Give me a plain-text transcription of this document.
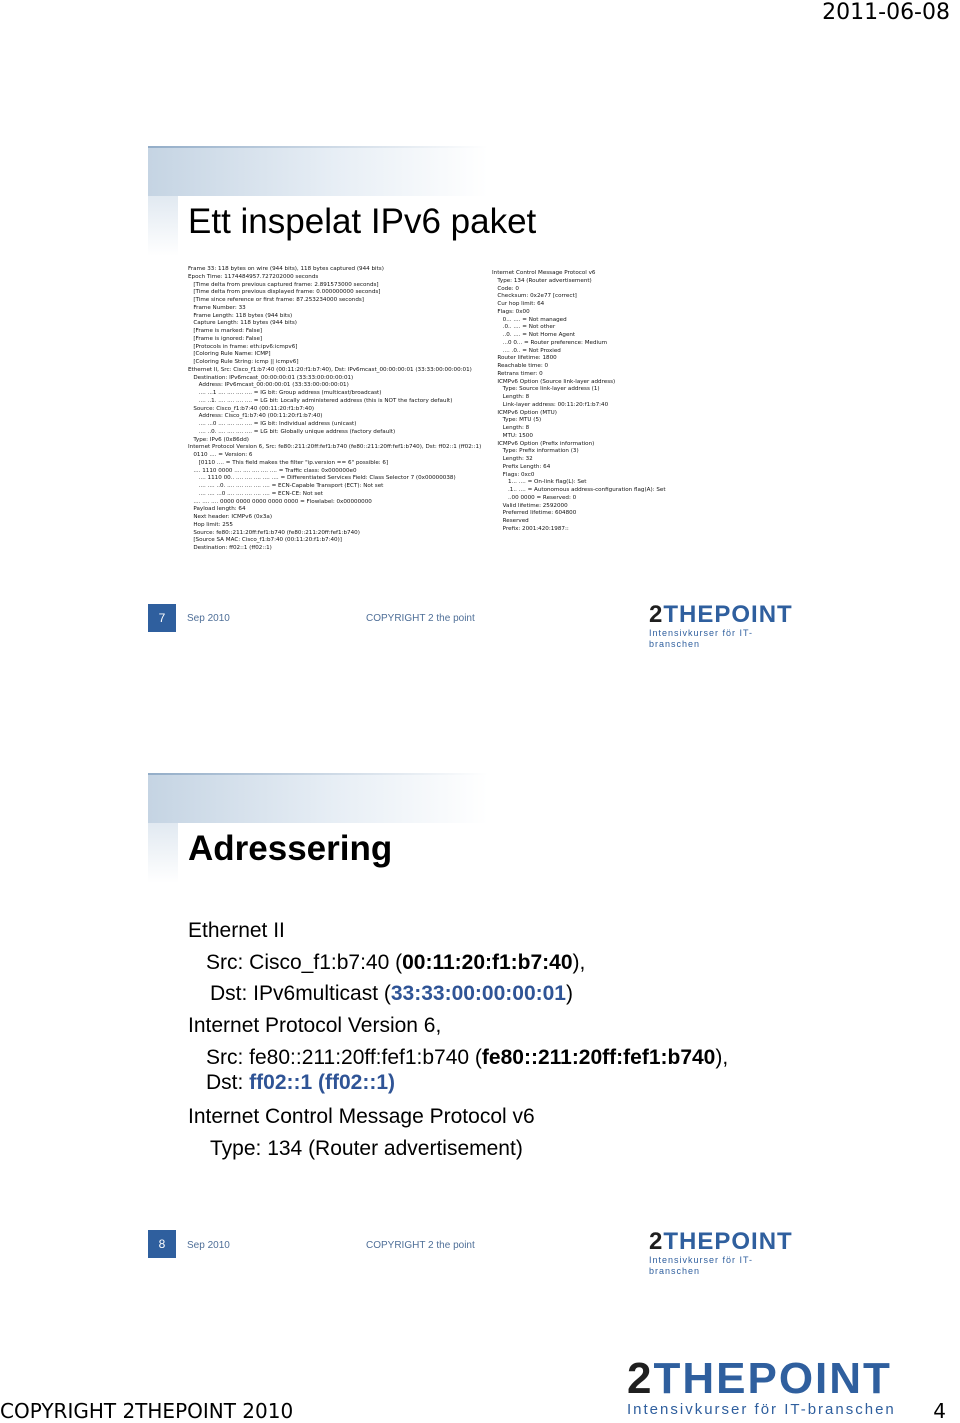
2011-06-08
Ett inspelat IPv6 paket
Frame 33: 118 bytes on wire (944 bits), 118 bytes captured (944 bits)
Epoch Time: 1174484957.727202000 seconds
[Time delta from previous captured frame: 2.891573000 seconds]
[Time delta from previous displayed frame: 0.000000000 seconds]
[Time since reference or first frame: 87.253234000 seconds]
Frame Number: 33
Frame Length: 118 bytes (944 bits)
Capture Length: 118 bytes (944 bits)
[Frame is marked: False]
[Frame is ignored: False]
[Protocols in frame: eth:ipv6:icmpv6]
[Coloring Rule Name: ICMP]
[Coloring Rule String: icmp || icmpv6]
Ethernet II, Src: Cisco_f1:b7:40 (00:11:20:f1:b7:40), Dst: IPv6mcast_00:00:00:01 (33:33:00:00:00:01)
Destination: IPv6mcast_00:00:00:01 (33:33:00:00:00:01)
Address: IPv6mcast_00:00:00:01 (33:33:00:00:00:01)
.... ...1 .... .... .... .... = IG bit: Group address (multicast/broadcast)
.... ..1. .... .... .... .... = LG bit: Locally administered address (this is NOT the factory default)
Source: Cisco_f1:b7:40 (00:11:20:f1:b7:40)
Address: Cisco_f1:b7:40 (00:11:20:f1:b7:40)
.... ...0 .... .... .... .... = IG bit: Individual address (unicast)
.... ..0. .... .... .... .... = LG bit: Globally unique address (factory default)
Type: IPv6 (0x86dd)
Internet Protocol Version 6, Src: fe80::211:20ff:fef1:b740 (fe80::211:20ff:fef1:b740), Dst: ff02::1 (ff02::1)
0110 .... = Version: 6
[0110 .... = This field makes the filter "ip.version == 6" possible: 6]
.... 1110 0000 .... .... .... .... .... = Traffic class: 0x000000e0
.... 1110 00.. .... .... .... .... .... = Differentiated Services Field: Class Selector 7 (0x00000038)
.... .... ..0. .... .... .... .... .... = ECN-Capable Transport (ECT): Not set
.... .... ...0 .... .... .... .... .... = ECN-CE: Not set
.... .... .... 0000 0000 0000 0000 0000 = Flowlabel: 0x00000000
Payload length: 64
Next header: ICMPv6 (0x3a)
Hop limit: 255
Source: fe80::211:20ff:fef1:b740 (fe80::211:20ff:fef1:b740)
[Source SA MAC: Cisco_f1:b7:40 (00:11:20:f1:b7:40)]
Destination: ff02::1 (ff02::1)
Internet Control Message Protocol v6
Type: 134 (Router advertisement)
Code: 0
Checksum: 0x2e77 [correct]
Cur hop limit: 64
Flags: 0x00
0... .... = Not managed
.0.. .... = Not other
..0. .... = Not Home Agent
...0 0... = Router preference: Medium
.... .0.. = Not Proxied
Router lifetime: 1800
Reachable time: 0
Retrans timer: 0
ICMPv6 Option (Source link-layer address)
Type: Source link-layer address (1)
Length: 8
Link-layer address: 00:11:20:f1:b7:40
ICMPv6 Option (MTU)
Type: MTU (5)
Length: 8
MTU: 1500
ICMPv6 Option (Prefix information)
Type: Prefix information (3)
Length: 32
Prefix Length: 64
Flags: 0xc0
1... .... = On-link flag(L): Set
.1.. .... = Autonomous address-configuration flag(A): Set
..00 0000 = Reserved: 0
Valid lifetime: 2592000
Preferred lifetime: 604800
Reserved
Prefix: 2001:420:1987::
7	Sep 2010	COPYRIGHT 2 the point	2THEPOINT
Intensivkurser för IT-branschen
Adressering
Ethernet II
Src: Cisco_f1:b7:40 (00:11:20:f1:b7:40),
Dst: IPv6multicast (33:33:00:00:00:01)
Internet Protocol Version 6,
Src: fe80::211:20ff:fef1:b740 (fe80::211:20ff:fef1:b740),
Dst: ff02::1 (ff02::1)
Internet Control Message Protocol v6
Type: 134 (Router advertisement)
8	Sep 2010	COPYRIGHT 2 the point	2THEPOINT
Intensivkurser för IT-branschen
2THEPOINT
Intensivkurser för IT-branschen
COPYRIGHT 2THEPOINT 2010	4
